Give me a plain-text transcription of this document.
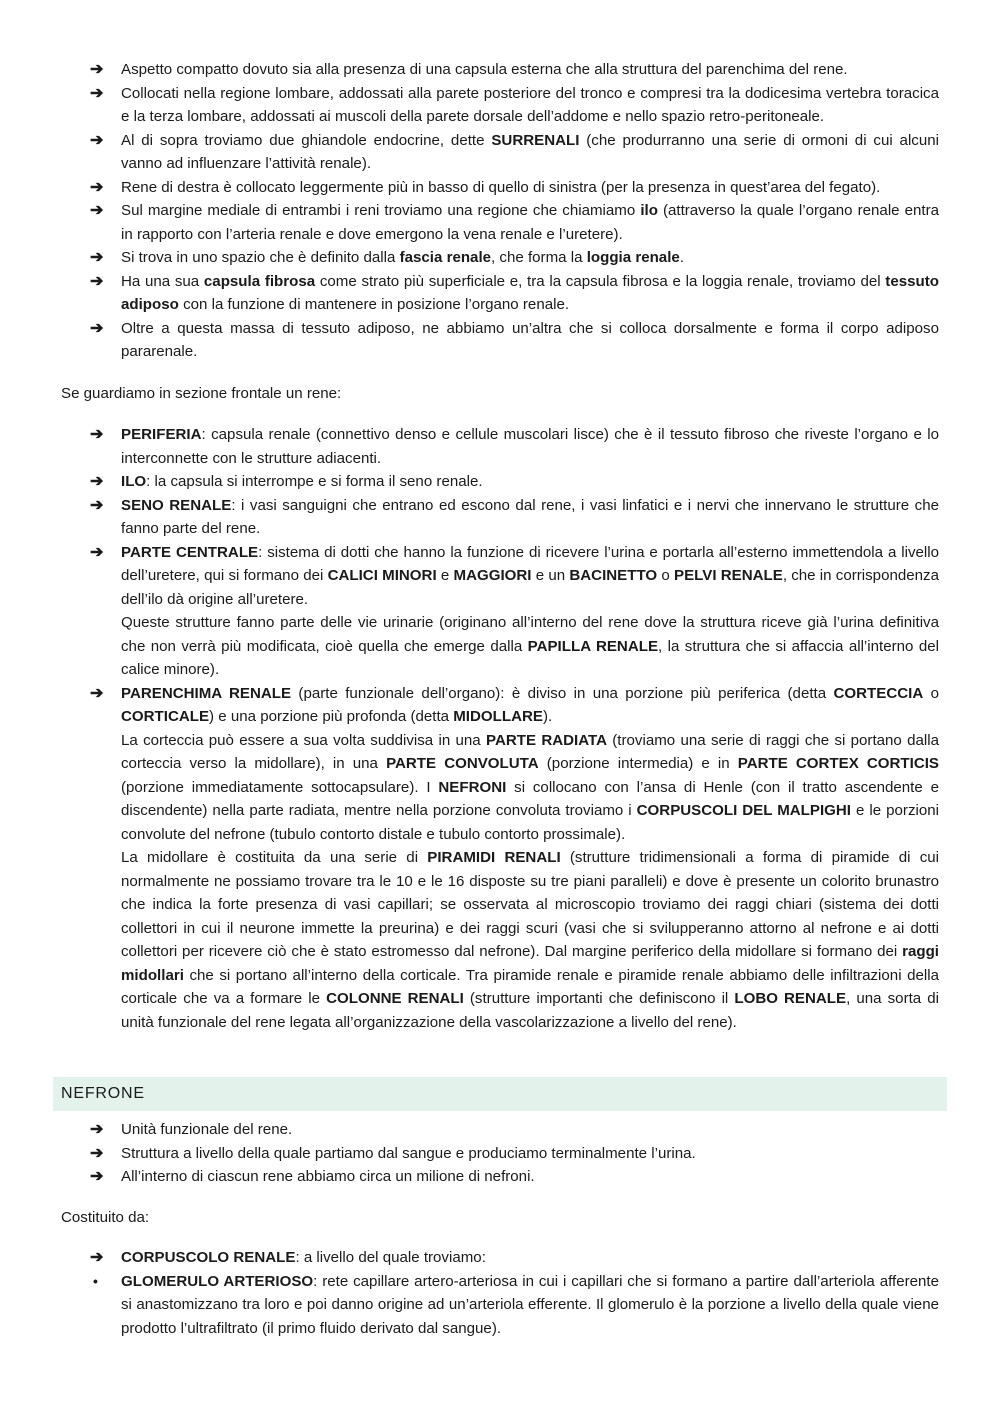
➔ Aspetto compatto dovuto sia alla presenza di una capsula esterna che alla struttura del parenchima del rene.

➔ Collocati nella regione lombare, addossati alla parete posteriore del tronco e compresi tra la dodicesima vertebra toracica e la terza lombare, addossati ai muscoli della parete dorsale dell’addome e nello spazio retro-peritoneale.

➔ Al di sopra troviamo due ghiandole endocrine, dette SURRENALI (che produrranno una serie di ormoni di cui alcuni vanno ad influenzare l’attività renale).

➔ Rene di destra è collocato leggermente più in basso di quello di sinistra (per la presenza in quest’area del fegato).

➔ Sul margine mediale di entrambi i reni troviamo una regione che chiamiamo ilo (attraverso la quale l’organo renale entra in rapporto con l’arteria renale e dove emergono la vena renale e l’uretere).

➔ Si trova in uno spazio che è definito dalla fascia renale, che forma la loggia renale.

➔ Ha una sua capsula fibrosa come strato più superficiale e, tra la capsula fibrosa e la loggia renale, troviamo del tessuto adiposo con la funzione di mantenere in posizione l’organo renale.

➔ Oltre a questa massa di tessuto adiposo, ne abbiamo un’altra che si colloca dorsalmente e forma il corpo adiposo pararenale.

Se guardiamo in sezione frontale un rene:
➔ PERIFERIA: capsula renale (connettivo denso e cellule muscolari lisce) che è il tessuto fibroso che riveste l’organo e lo interconnette con le strutture adiacenti.

➔ ILO: la capsula si interrompe e si forma il seno renale.

➔ SENO RENALE: i vasi sanguigni che entrano ed escono dal rene, i vasi linfatici e i nervi che innervano le strutture che fanno parte del rene.

➔ PARTE CENTRALE: sistema di dotti che hanno la funzione di ricevere l’urina e portarla all’esterno immettendola a livello dell’uretere, qui si formano dei CALICI MINORI e MAGGIORI e un BACINETTO o PELVI RENALE, che in corrispondenza dell’ilo dà origine all’uretere.

Queste strutture fanno parte delle vie urinarie (originano all’interno del rene dove la struttura riceve già l’urina definitiva che non verrà più modificata, cioè quella che emerge dalla PAPILLA RENALE, la struttura che si affaccia all’interno del calice minore).

➔ PARENCHIMA RENALE (parte funzionale dell’organo): è diviso in una porzione più periferica (detta CORTECCIA o CORTICALE) e una porzione più profonda (detta MIDOLLARE).

La corteccia può essere a sua volta suddivisa in una PARTE RADIATA (troviamo una serie di raggi che si portano dalla corteccia verso la midollare), in una PARTE CONVOLUTA (porzione intermedia) e in PARTE CORTEX CORTICIS (porzione immediatamente sottocapsulare). I NEFRONI si collocano con l’ansa di Henle (con il tratto ascendente e discendente) nella parte radiata, mentre nella porzione convoluta troviamo i CORPUSCOLI DEL MALPIGHI e le porzioni convolute del nefrone (tubulo contorto distale e tubulo contorto prossimale).

La midollare è costituita da una serie di PIRAMIDI RENALI (strutture tridimensionali a forma di piramide di cui normalmente ne possiamo trovare tra le 10 e le 16 disposte su tre piani paralleli) e dove è presente un colorito brunastro che indica la forte presenza di vasi capillari; se osservata al microscopio troviamo dei raggi chiari (sistema dei dotti collettori in cui il neurone immette la preurina) e dei raggi scuri (vasi che si svilupperanno attorno al nefrone e ai dotti collettori per ricevere ciò che è stato estromesso dal nefrone). Dal margine periferico della midollare si formano dei raggi midollari che si portano all’interno della corticale. Tra piramide renale e piramide renale abbiamo delle infiltrazioni della corticale che va a formare le COLONNE RENALI (strutture importanti che definiscono il LOBO RENALE, una sorta di unità funzionale del rene legata all’organizzazione della vascolarizzazione a livello del rene).

NEFRONE
➔ Unità funzionale del rene.

➔ Struttura a livello della quale partiamo dal sangue e produciamo terminalmente l’urina.

➔ All’interno di ciascun rene abbiamo circa un milione di nefroni.

Costituito da:
➔ CORPUSCOLO RENALE: a livello del quale troviamo:

• GLOMERULO ARTERIOSO: rete capillare artero-arteriosa in cui i capillari che si formano a partire dall’arteriola afferente si anastomizzano tra loro e poi danno origine ad un’arteriola efferente. Il glomerulo è la porzione a livello della quale viene prodotto l’ultrafiltrato (il primo fluido derivato dal sangue).
